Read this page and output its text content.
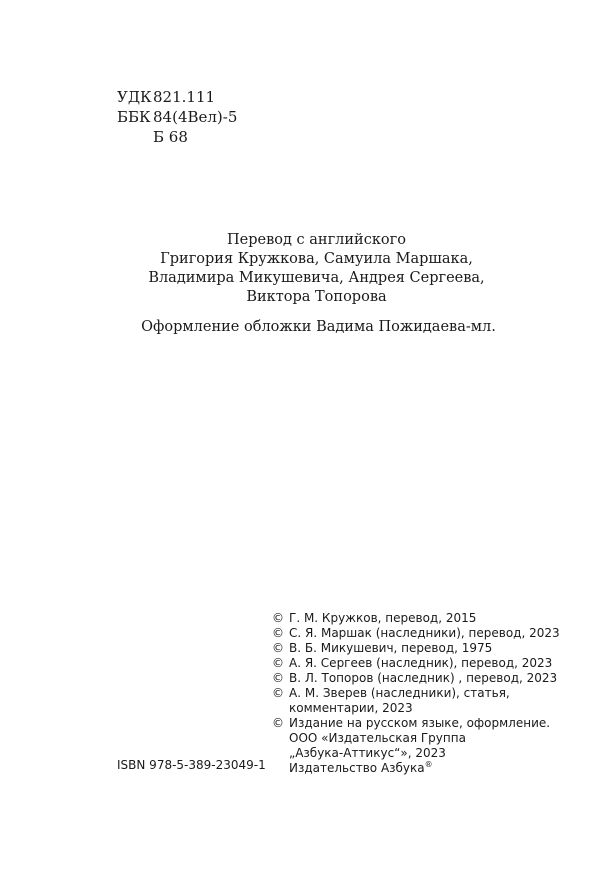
УДК 821.111
ББК 84(4Вел)-5
Б 68
Перевод с английского
Григория Кружкова, Самуила Маршака,
Владимира Микушевича, Андрея Сергеева,
Виктора Топорова
Оформление обложки Вадима Пожидаева-мл.
© Г. М. Кружков, перевод, 2015
© С. Я. Маршак (наследники), перевод, 2023
© В. Б. Микушевич, перевод, 1975
© А. Я. Сергеев (наследник), перевод, 2023
© В. Л. Топоров (наследник) , перевод, 2023
© А. М. Зверев (наследники), статья,
комментарии, 2023
© Издание на русском языке, оформление.
ООО «Издательская Группа
„Азбука-Аттикус“», 2023
Издательство Азбука®
ISBN 978-5-389-23049-1
